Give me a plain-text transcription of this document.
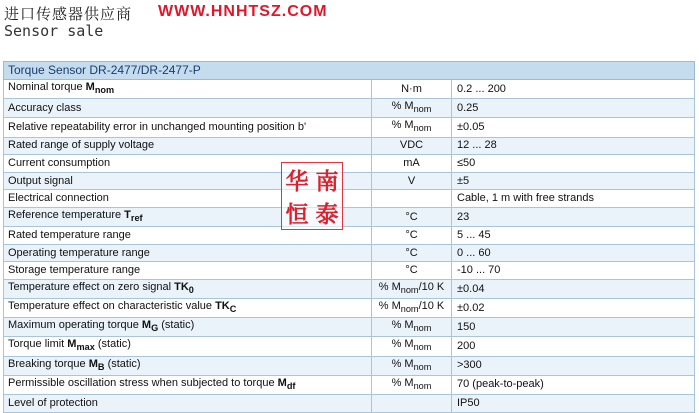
进口传感器供应商 WWW.HNHTSZ.COM
Sensor sale
Torque Sensor DR-2477/DR-2477-P		
Nominal torque $M_{nom}$	N·m	0.2 ... 200
Accuracy class	% $M_{nom}$	0.25
Relative repeatability error in unchanged mounting position b'	% $M_{nom}$	±0.05
Rated range of supply voltage	VDC	12 ... 28
Current consumption	mA	≤50
Output signal	V	±5
Electrical connection		Cable, 1 m with free strands
Reference temperature $T_{ref}$	°C	23
Rated temperature range	°C	5 ... 45
Operating temperature range	°C	0 ... 60
Storage temperature range	°C	-10 ... 70
Temperature effect on zero signal $TK_0$	% $M_{nom}/10$ K	±0.04
Temperature effect on characteristic value $TK_C$	% $M_{nom}/10$ K	±0.02
Maximum operating torque $M_G$ (static)	% $M_{nom}$	150
Torque limit $M_{max}$ (static)	% $M_{nom}$	200
Breaking torque $M_B$ (static)	% $M_{nom}$	>300
Permissible oscillation stress when subjected to torque $M_{df}$	% $M_{nom}$	70 (peak-to-peak)
Level of protection		IP50
华 南
恒 泰
